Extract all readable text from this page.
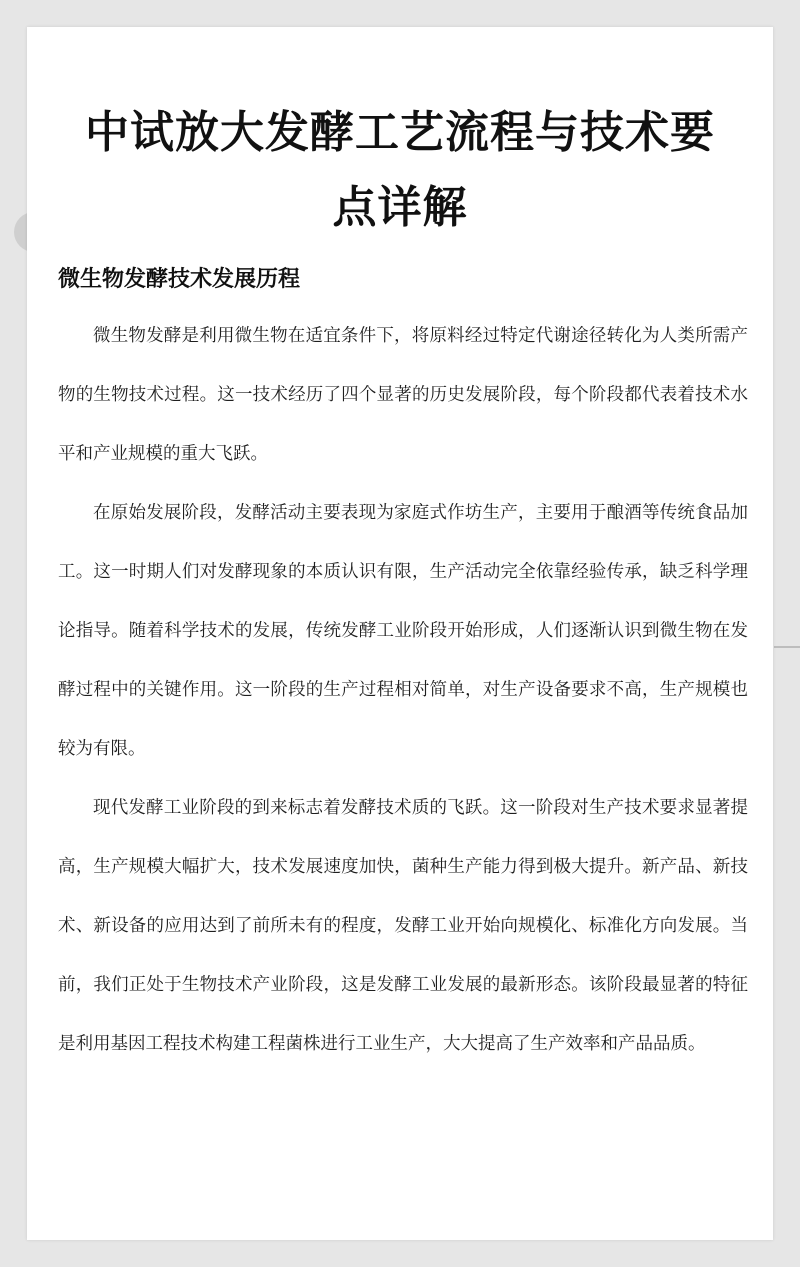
中试放大发酵工艺流程与技术要点详解
微生物发酵技术发展历程

微生物发酵是利用微生物在适宜条件下，将原料经过特定代谢途径转化为人类所需产物的生物技术过程。这一技术经历了四个显著的历史发展阶段，每个阶段都代表着技术水平和产业规模的重大飞跃。

在原始发展阶段，发酵活动主要表现为家庭式作坊生产，主要用于酿酒等传统食品加工。这一时期人们对发酵现象的本质认识有限，生产活动完全依靠经验传承，缺乏科学理论指导。随着科学技术的发展，传统发酵工业阶段开始形成，人们逐渐认识到微生物在发酵过程中的关键作用。这一阶段的生产过程相对简单，对生产设备要求不高，生产规模也较为有限。

现代发酵工业阶段的到来标志着发酵技术质的飞跃。这一阶段对生产技术要求显著提高，生产规模大幅扩大，技术发展速度加快，菌种生产能力得到极大提升。新产品、新技术、新设备的应用达到了前所未有的程度，发酵工业开始向规模化、标准化方向发展。当前，我们正处于生物技术产业阶段，这是发酵工业发展的最新形态。该阶段最显著的特征是利用基因工程技术构建工程菌株进行工业生产，大大提高了生产效率和产品品质。
